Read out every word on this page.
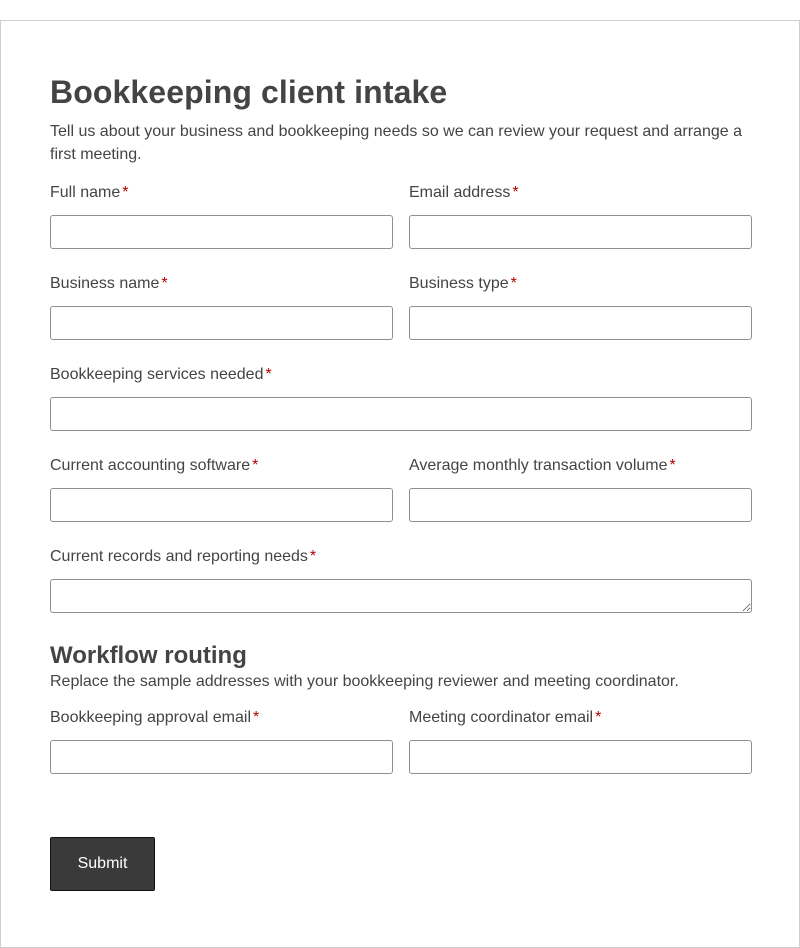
Bookkeeping client intake

Tell us about your business and bookkeeping needs so we can review your request and arrange a first meeting.

Full name *	Email address *
Business name *	Business type *
Bookkeeping services needed *
Current accounting software *	Average monthly transaction volume *
Current records and reporting needs *
Workflow routing

Replace the sample addresses with your bookkeeping reviewer and meeting coordinator.

Bookkeeping approval email *	Meeting coordinator email *
Submit
